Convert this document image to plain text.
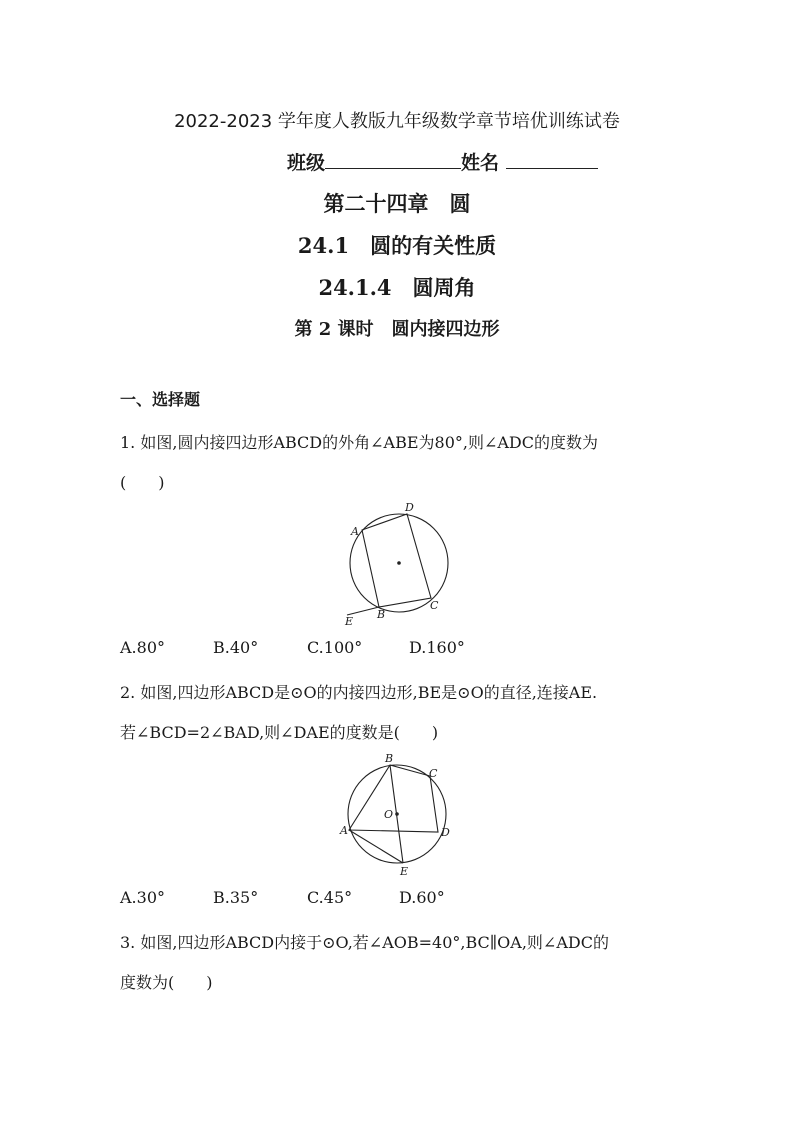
2022-2023 学年度人教版九年级数学章节培优训练试卷
班级	姓名
第二十四章　圆
24.1　圆的有关性质
24.1.4　圆周角
第 2 课时　圆内接四边形
一、选择题
1. 如图,圆内接四边形ABCD的外角∠ABE为80°,则∠ADC的度数为
(　　)
A
D
C
B
E
A.80°	B.40°	C.100°	D.160°
2. 如图,四边形ABCD是⊙O的内接四边形,BE是⊙O的直径,连接AE.
若∠BCD=2∠BAD,则∠DAE的度数是(　　)
B
C
O
A	D
E
A.30°	B.35°	C.45°	D.60°
3. 如图,四边形ABCD内接于⊙O,若∠AOB=40°,BC∥OA,则∠ADC的
度数为(　　)
